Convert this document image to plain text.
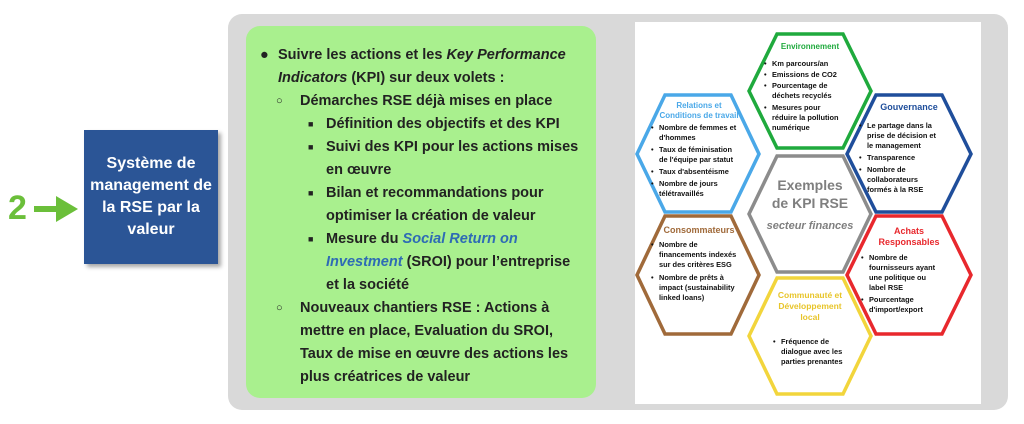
2
Système de management de la RSE par la valeur
● Suivre les actions et les Key Performance Indicators (KPI) sur deux volets :
○ Démarches RSE déjà mises en place
■ Définition des objectifs et des KPI
■ Suivi des KPI pour les actions mises en œuvre
■ Bilan et recommandations pour optimiser la création de valeur
■ Mesure du Social Return on Investment (SROI) pour l’entreprise et la société
○ Nouveaux chantiers RSE : Actions à mettre en place, Evaluation du SROI, Taux de mise en œuvre des actions les plus créatrices de valeur
Environnement
• Km parcours/an
• Emissions de CO2
• Pourcentage de
déchets recyclés
• Mesures pour
réduire la pollution
numérique
Gouvernance
• Le partage dans la
prise de décision et
le management
• Transparence
• Nombre de
collaborateurs
formés à la RSE
Achats
Responsables
• Nombre de
fournisseurs ayant
une politique ou
label RSE
• Pourcentage
d'import/export
Communauté et
Développement
local
• Fréquence de
dialogue avec les
parties prenantes
Consommateurs
• Nombre de
financements indexés
sur des critères ESG
• Nombre de prêts à
impact (sustainability
linked loans)
Relations et
Conditions de travail
• Nombre de femmes et
d'hommes
• Taux de féminisation
de l'équipe par statut
• Taux d'absentéisme
• Nombre de jours
télétravaillés
Exemples
de KPI RSE
secteur finances
